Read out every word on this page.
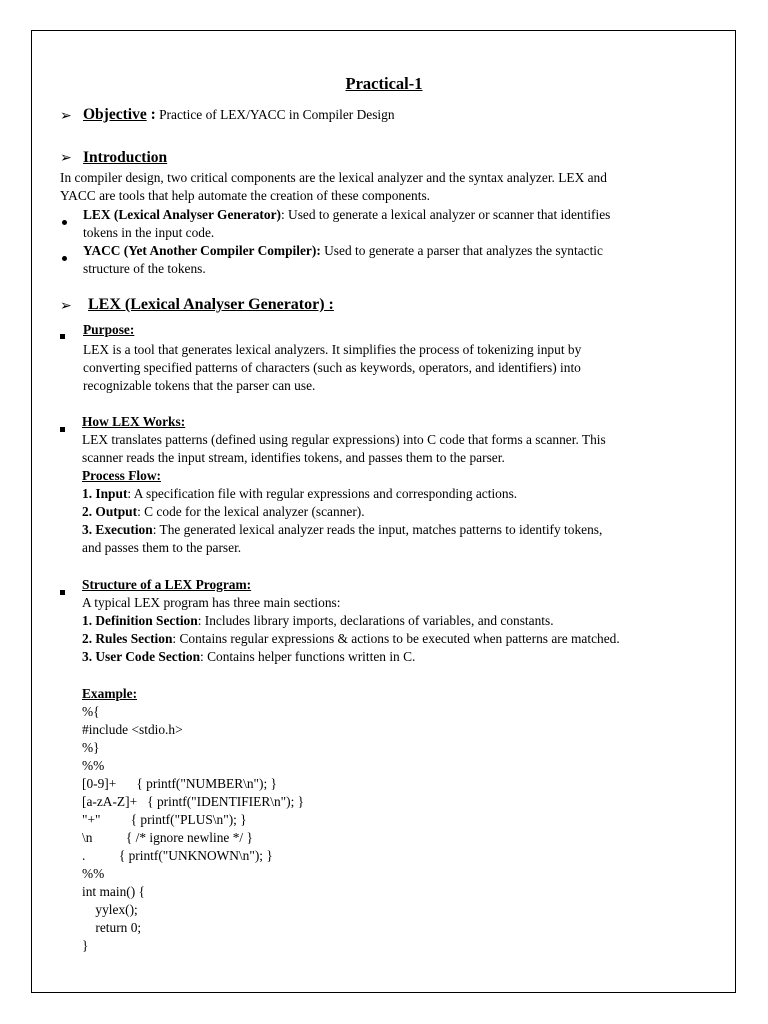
Practical-1
➢ Objective : Practice of LEX/YACC in Compiler Design
➢ Introduction
In compiler design, two critical components are the lexical analyzer and the syntax analyzer. LEX and
YACC are tools that help automate the creation of these components.
LEX (Lexical Analyser Generator): Used to generate a lexical analyzer or scanner that identifies
tokens in the input code.
YACC (Yet Another Compiler Compiler): Used to generate a parser that analyzes the syntactic
structure of the tokens.
➢ LEX (Lexical Analyser Generator) :
Purpose:
LEX is a tool that generates lexical analyzers. It simplifies the process of tokenizing input by
converting specified patterns of characters (such as keywords, operators, and identifiers) into
recognizable tokens that the parser can use.
How LEX Works:
LEX translates patterns (defined using regular expressions) into C code that forms a scanner. This
scanner reads the input stream, identifies tokens, and passes them to the parser.
Process Flow:
1. Input: A specification file with regular expressions and corresponding actions.
2. Output: C code for the lexical analyzer (scanner).
3. Execution: The generated lexical analyzer reads the input, matches patterns to identify tokens,
and passes them to the parser.
Structure of a LEX Program:
A typical LEX program has three main sections:
1. Definition Section: Includes library imports, declarations of variables, and constants.
2. Rules Section: Contains regular expressions & actions to be executed when patterns are matched.
3. User Code Section: Contains helper functions written in C.
Example:
%{
#include <stdio.h>
%}
%%
[0-9]+      { printf("NUMBER\n"); }
[a-zA-Z]+   { printf("IDENTIFIER\n"); }
"+"         { printf("PLUS\n"); }
\n          { /* ignore newline */ }
.          { printf("UNKNOWN\n"); }
%%
int main() {
yylex();
return 0;
}
